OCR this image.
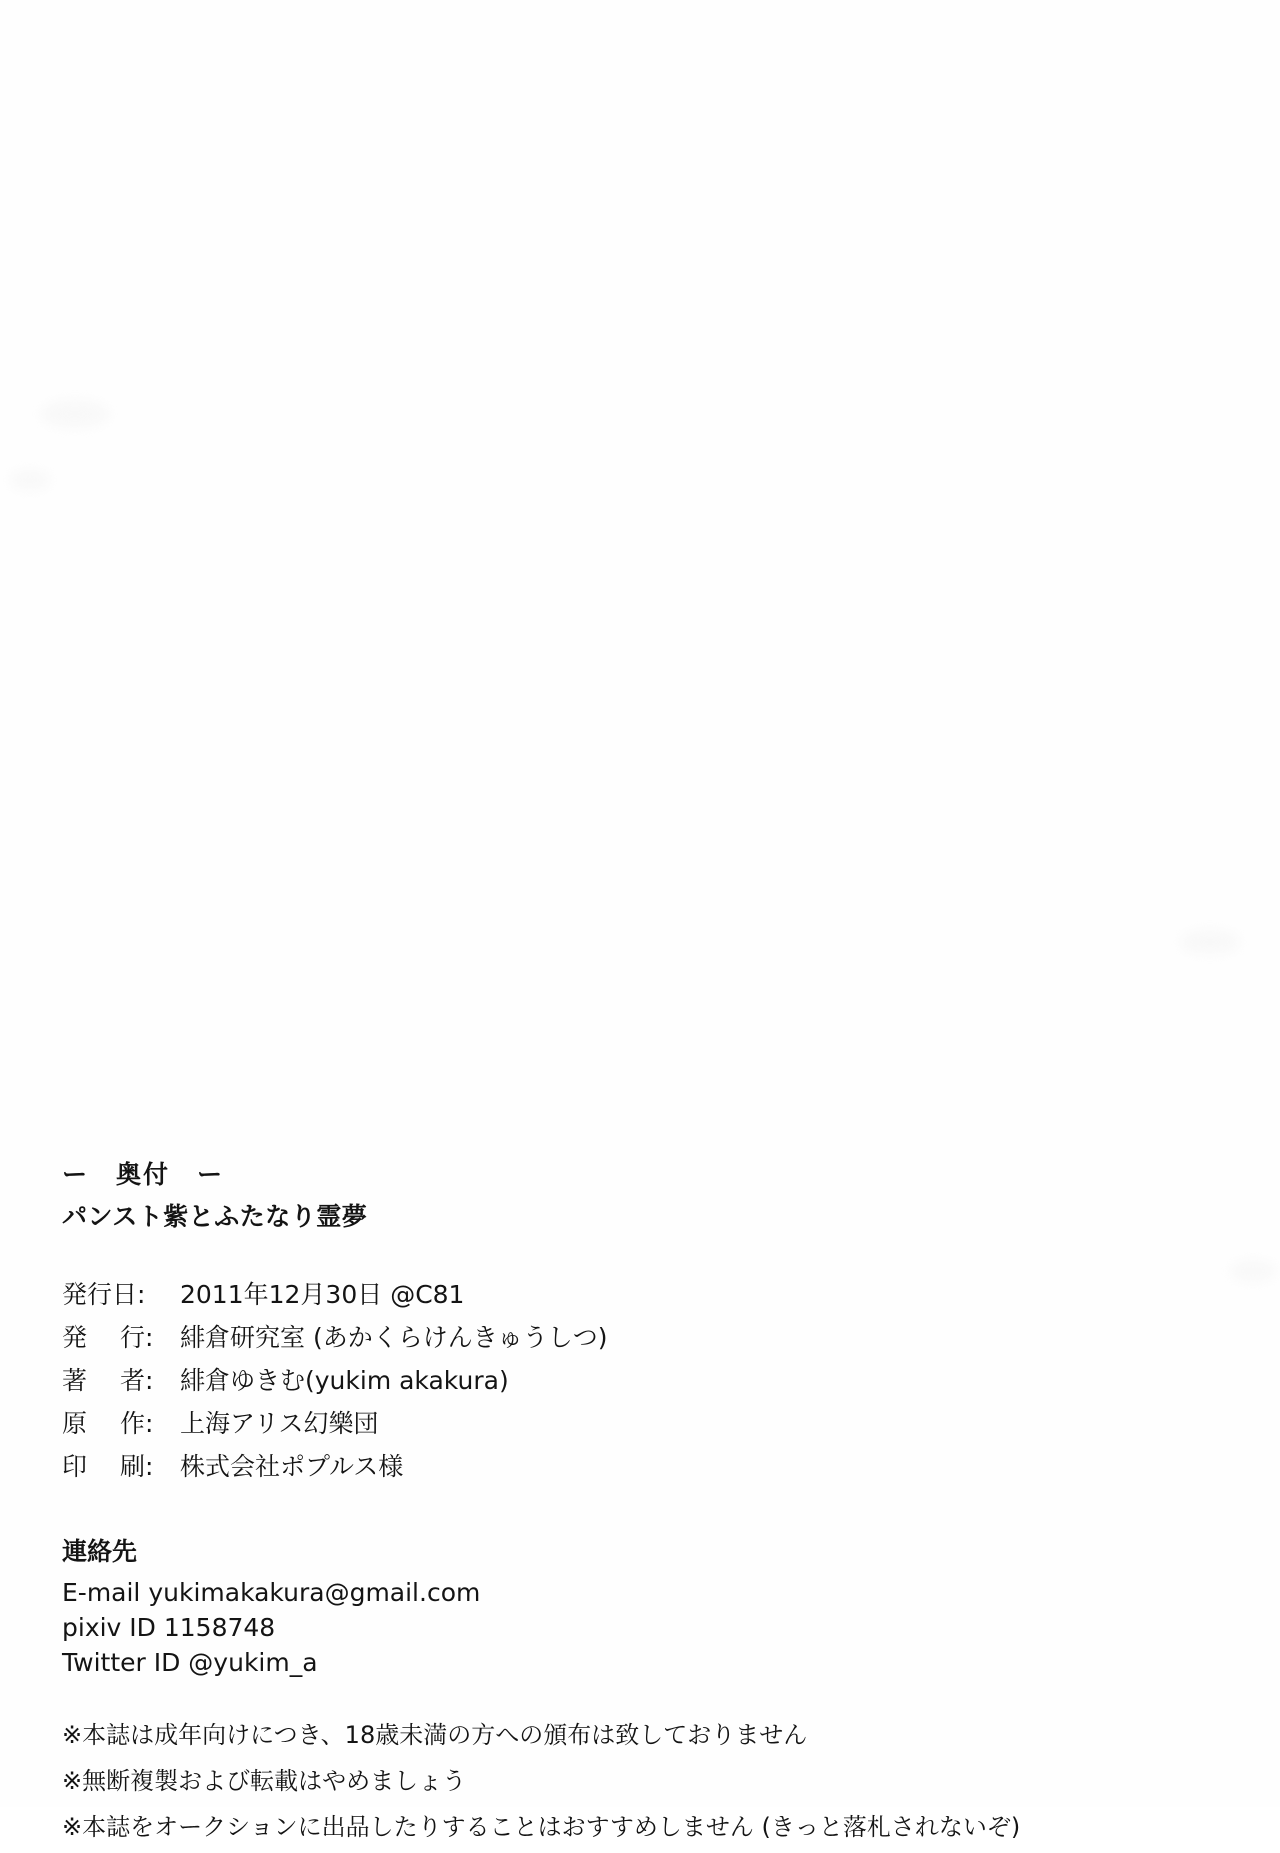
ー　奥付　ー
パンスト紫とふたなり霊夢
発行日:	2011年12月30日 @C81
発　 行:	緋倉研究室 (あかくらけんきゅうしつ)
著　 者:	緋倉ゆきむ(yukim akakura)
原　 作:	上海アリス幻樂団
印　 刷:	株式会社ポプルス様
連絡先

E-mail yukimakakura@gmail.com

pixiv ID 1158748

Twitter ID @yukim_a

※本誌は成年向けにつき、18歳未満の方への頒布は致しておりません

※無断複製および転載はやめましょう

※本誌をオークションに出品したりすることはおすすめしません (きっと落札されないぞ)
